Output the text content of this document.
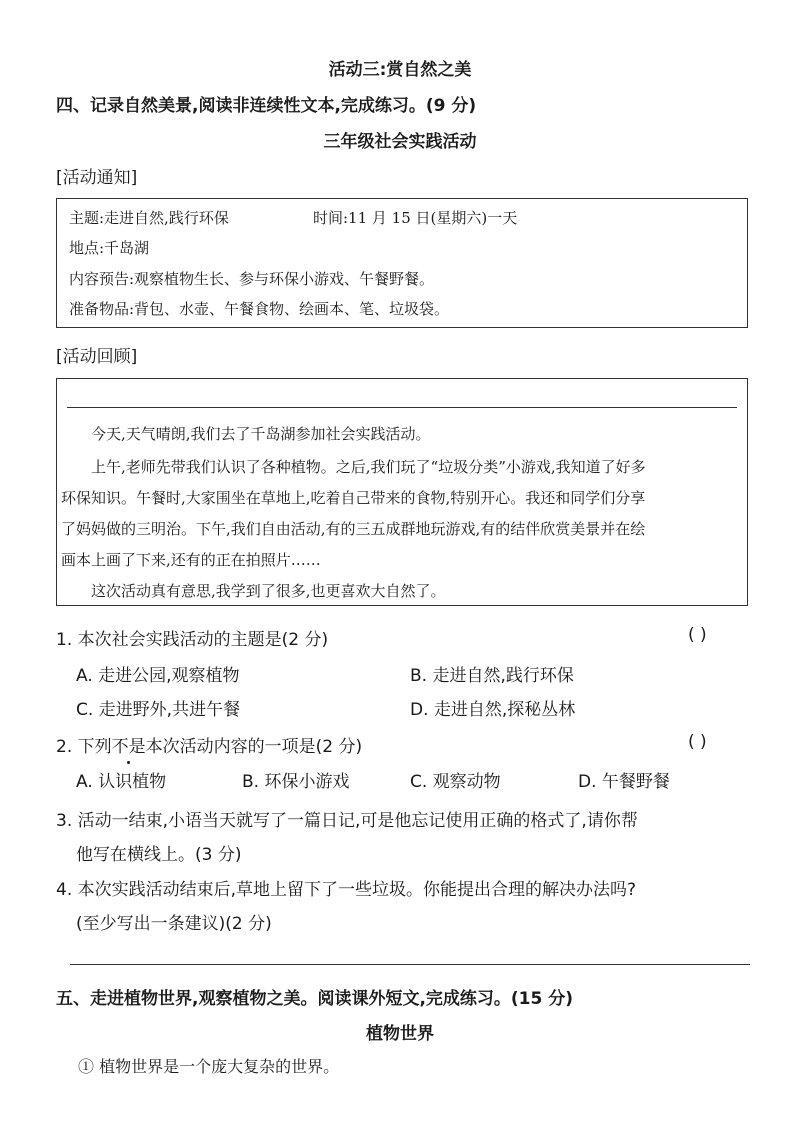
活动三:赏自然之美
四、记录自然美景,阅读非连续性文本,完成练习。(9 分)
三年级社会实践活动
[活动通知]
主题:走进自然,践行环保	时间:11 月 15 日(星期六)一天
地点:千岛湖
内容预告:观察植物生长、参与环保小游戏、午餐野餐。
准备物品:背包、水壶、午餐食物、绘画本、笔、垃圾袋。
[活动回顾]
今天,天气晴朗,我们去了千岛湖参加社会实践活动。
上午,老师先带我们认识了各种植物。之后,我们玩了“垃圾分类”小游戏,我知道了好多
环保知识。午餐时,大家围坐在草地上,吃着自己带来的食物,特别开心。我还和同学们分享
了妈妈做的三明治。下午,我们自由活动,有的三五成群地玩游戏,有的结伴欣赏美景并在绘
画本上画了下来,还有的正在拍照片……
这次活动真有意思,我学到了很多,也更喜欢大自然了。
1. 本次社会实践活动的主题是(2 分)	( )
A. 走进公园,观察植物	B. 走进自然,践行环保
C. 走进野外,共进午餐	D. 走进自然,探秘丛林
2. 下列不是本次活动内容的一项是(2 分)	( )
A. 认识植物	B. 环保小游戏	C. 观察动物	D. 午餐野餐
3. 活动一结束,小语当天就写了一篇日记,可是他忘记使用正确的格式了,请你帮
他写在横线上。(3 分)
4. 本次实践活动结束后,草地上留下了一些垃圾。你能提出合理的解决办法吗?
(至少写出一条建议)(2 分)
五、走进植物世界,观察植物之美。阅读课外短文,完成练习。(15 分)
植物世界
① 植物世界是一个庞大复杂的世界。
